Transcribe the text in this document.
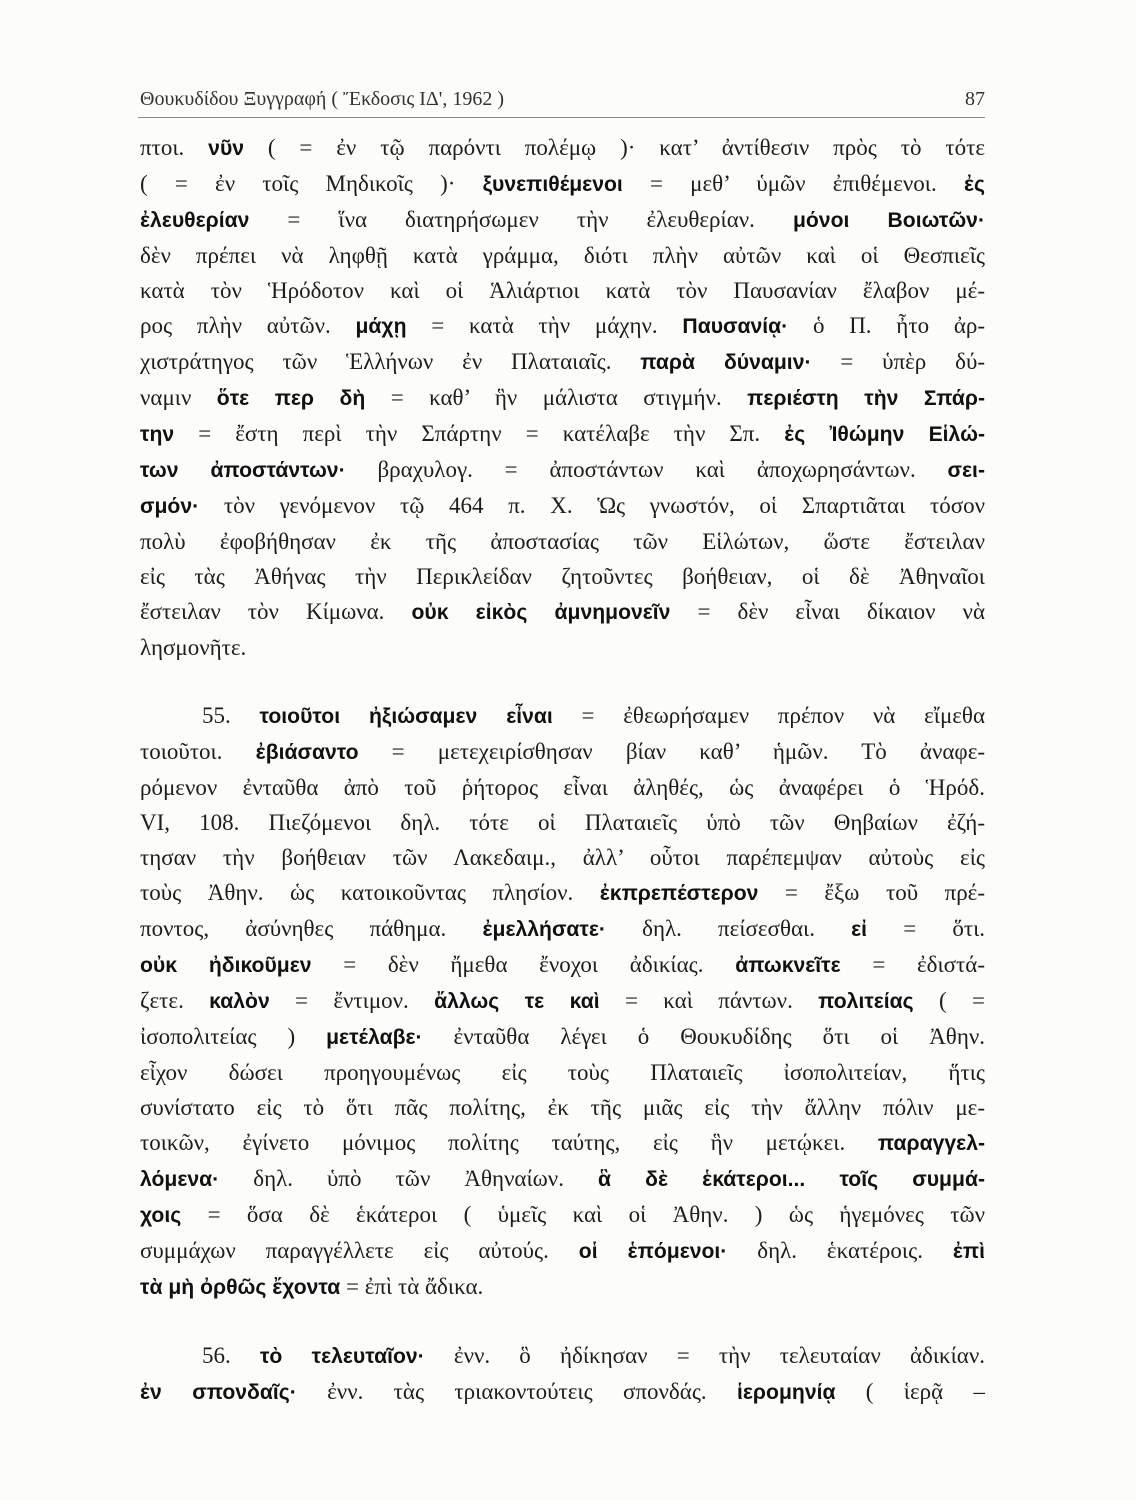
Θουκυδίδου Ξυγγραφή ( Ἔκδοσις ΙΔ', 1962 )	87
πτοι. νῦν ( = ἐν τῷ παρόντι πολέμῳ )· κατ’ ἀντίθεσιν πρὸς τὸ τότε
( = ἐν τοῖς Μηδικοῖς )· ξυνεπιθέμενοι = μεθ’ ὑμῶν ἐπιθέμενοι. ἐς
ἐλευθερίαν = ἵνα διατηρήσωμεν τὴν ἐλευθερίαν. μόνοι Βοιωτῶν·
δὲν πρέπει νὰ ληφθῇ κατὰ γράμμα, διότι πλὴν αὐτῶν καὶ οἱ Θεσπιεῖς
κατὰ τὸν Ἡρόδοτον καὶ οἱ Ἁλιάρτιοι κατὰ τὸν Παυσανίαν ἔλαβον μέ-
ρος πλὴν αὐτῶν. μάχῃ = κατὰ τὴν μάχην. Παυσανίᾳ· ὁ Π. ἦτο ἀρ-
χιστράτηγος τῶν Ἑλλήνων ἐν Πλαταιαῖς. παρὰ δύναμιν· = ὑπὲρ δύ-
ναμιν ὅτε περ δὴ = καθ’ ἣν μάλιστα στιγμήν. περιέστη τὴν Σπάρ-
την = ἔστη περὶ τὴν Σπάρτην = κατέλαβε τὴν Σπ. ἐς Ἰθώμην Εἱλώ-
των ἀποστάντων· βραχυλογ. = ἀποστάντων καὶ ἀποχωρησάντων. σει-
σμόν· τὸν γενόμενον τῷ 464 π. Χ. Ὡς γνωστόν, οἱ Σπαρτιᾶται τόσον
πολὺ ἐφοβήθησαν ἐκ τῆς ἀποστασίας τῶν Εἱλώτων, ὥστε ἔστειλαν
εἰς τὰς Ἀθήνας τὴν Περικλείδαν ζητοῦντες βοήθειαν, οἱ δὲ Ἀθηναῖοι
ἔστειλαν τὸν Κίμωνα. οὐκ εἰκὸς ἀμνημονεῖν = δὲν εἶναι δίκαιον νὰ
λησμονῆτε.
55. τοιοῦτοι ἠξιώσαμεν εἶναι = ἐθεωρήσαμεν πρέπον νὰ εἴμεθα
τοιοῦτοι. ἐβιάσαντο = μετεχειρίσθησαν βίαν καθ’ ἡμῶν. Τὸ ἀναφε-
ρόμενον ἐνταῦθα ἀπὸ τοῦ ῥήτορος εἶναι ἀληθές, ὡς ἀναφέρει ὁ Ἡρόδ.
VI, 108. Πιεζόμενοι δηλ. τότε οἱ Πλαταιεῖς ὑπὸ τῶν Θηβαίων ἐζή-
τησαν τὴν βοήθειαν τῶν Λακεδαιμ., ἀλλ’ οὗτοι παρέπεμψαν αὐτοὺς εἰς
τοὺς Ἀθην. ὡς κατοικοῦντας πλησίον. ἐκπρεπέστερον = ἔξω τοῦ πρέ-
ποντος, ἀσύνηθες πάθημα. ἐμελλήσατε· δηλ. πείσεσθαι. εἰ = ὅτι.
οὐκ ἠδικοῦμεν = δὲν ἤμεθα ἔνοχοι ἀδικίας. ἀπωκνεῖτε = ἐδιστά-
ζετε. καλὸν = ἔντιμον. ἄλλως τε καὶ = καὶ πάντων. πολιτείας ( =
ἰσοπολιτείας ) μετέλαβε· ἐνταῦθα λέγει ὁ Θουκυδίδης ὅτι οἱ Ἀθην.
εἶχον δώσει προηγουμένως εἰς τοὺς Πλαταιεῖς ἰσοπολιτείαν, ἥτις
συνίστατο εἰς τὸ ὅτι πᾶς πολίτης, ἐκ τῆς μιᾶς εἰς τὴν ἄλλην πόλιν με-
τοικῶν, ἐγίνετο μόνιμος πολίτης ταύτης, εἰς ἣν μετῴκει. παραγγελ-
λόμενα· δηλ. ὑπὸ τῶν Ἀθηναίων. ἃ δὲ ἑκάτεροι... τοῖς συμμά-
χοις = ὅσα δὲ ἑκάτεροι ( ὑμεῖς καὶ οἱ Ἀθην. ) ὡς ἡγεμόνες τῶν
συμμάχων παραγγέλλετε εἰς αὐτούς. οἱ ἑπόμενοι· δηλ. ἑκατέροις. ἐπὶ
τὰ μὴ ὀρθῶς ἔχοντα = ἐπὶ τὰ ἄδικα.
56. τὸ τελευταῖον· ἐνν. ὃ ἠδίκησαν = τὴν τελευταίαν ἀδικίαν.
ἐν σπονδαῖς· ἐνν. τὰς τριακοντούτεις σπονδάς. ἱερομηνίᾳ ( ἱερᾷ –
